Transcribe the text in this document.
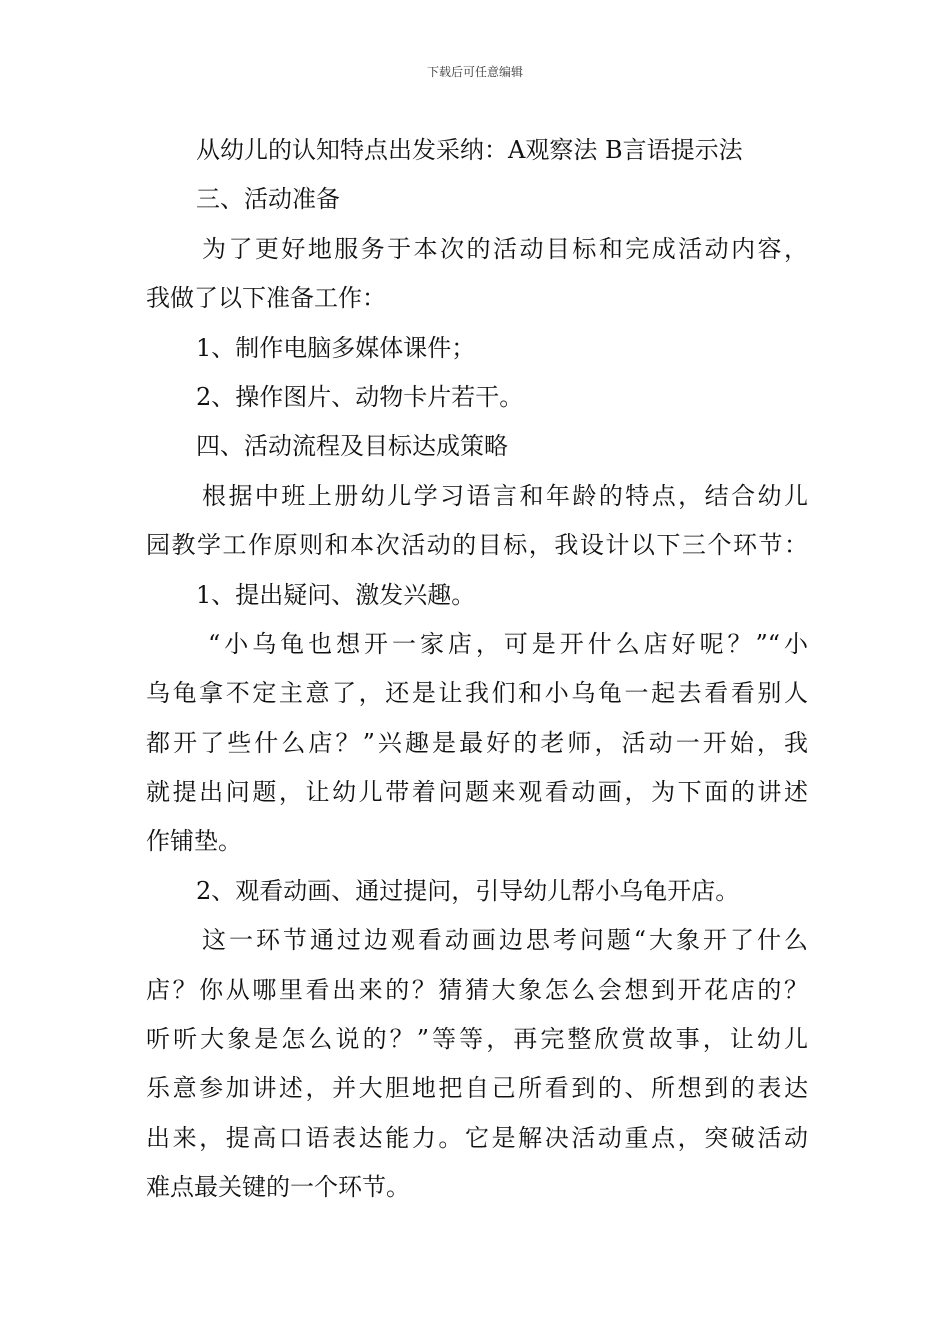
下载后可任意编辑
从幼儿的认知特点出发采纳：A观察法 B言语提示法
三、活动准备
为了更好地服务于本次的活动目标和完成活动内容，
我做了以下准备工作：
1、制作电脑多媒体课件；
2、操作图片、动物卡片若干。
四、活动流程及目标达成策略
根据中班上册幼儿学习语言和年龄的特点，结合幼儿
园教学工作原则和本次活动的目标，我设计以下三个环节：
1、提出疑问、激发兴趣。
“小乌龟也想开一家店，可是开什么店好呢？”“小
乌龟拿不定主意了，还是让我们和小乌龟一起去看看别人
都开了些什么店？”兴趣是最好的老师，活动一开始，我
就提出问题，让幼儿带着问题来观看动画，为下面的讲述
作铺垫。
2、观看动画、通过提问，引导幼儿帮小乌龟开店。
这一环节通过边观看动画边思考问题“大象开了什么
店？你从哪里看出来的？猜猜大象怎么会想到开花店的？
听听大象是怎么说的？”等等，再完整欣赏故事，让幼儿
乐意参加讲述，并大胆地把自己所看到的、所想到的表达
出来，提高口语表达能力。它是解决活动重点，突破活动
难点最关键的一个环节。
